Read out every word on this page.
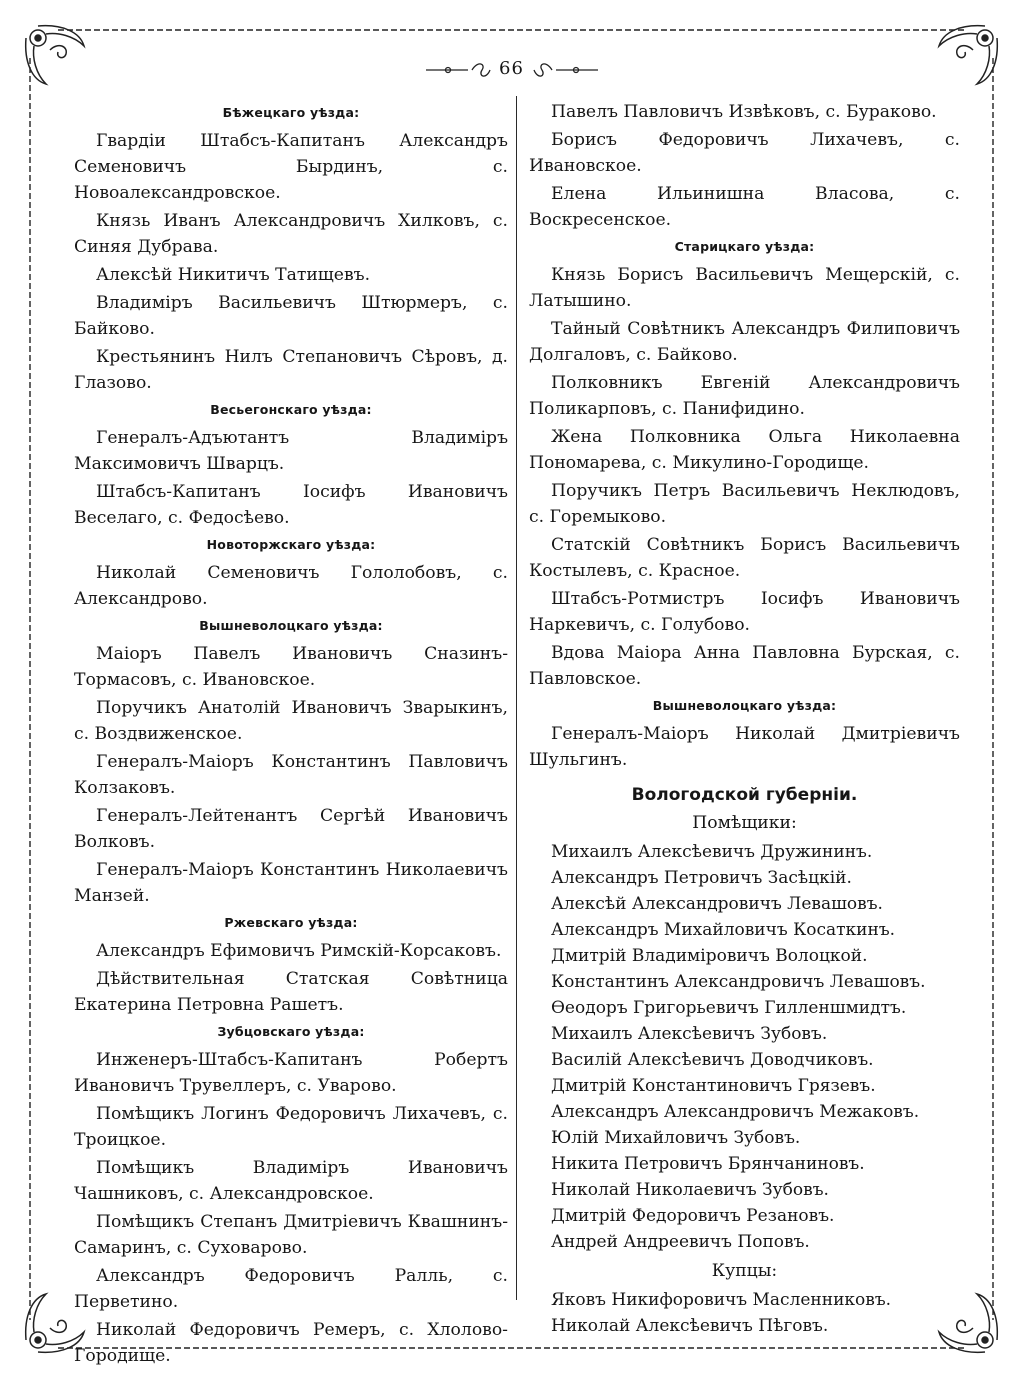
66
Бѣжецкаго уѣзда:

Гвардіи Штабсъ-Капитанъ Александръ Семеновичъ Бырдинъ, с. Новоалександровское.

Князь Иванъ Александровичъ Хилковъ, с. Синяя Дубрава.

Алексѣй Никитичъ Татищевъ.

Владиміръ Васильевичъ Штюрмеръ, с. Байково.

Крестьянинъ Нилъ Степановичъ Сѣровъ, д. Глазово.

Весьегонскаго уѣзда:

Генералъ-Адъютантъ Владиміръ Максимовичъ Шварцъ.

Штабсъ-Капитанъ Іосифъ Ивановичъ Веселаго, с. Федосѣево.

Новоторжскаго уѣзда:

Николай Семеновичъ Гололобовъ, с. Александрово.

Вышневолоцкаго уѣзда:

Маіоръ Павелъ Ивановичъ Сназинъ-Тормасовъ, с. Ивановское.

Поручикъ Анатолій Ивановичъ Зварыкинъ, с. Воздвиженское.

Генералъ-Маіоръ Константинъ Павловичъ Колзаковъ.

Генералъ-Лейтенантъ Сергѣй Ивановичъ Волковъ.

Генералъ-Маіоръ Константинъ Николаевичъ Манзей.

Ржевскаго уѣзда:

Александръ Ефимовичъ Римскій-Корсаковъ.

Дѣйствительная Статская Совѣтница Екатерина Петровна Рашетъ.

Зубцовскаго уѣзда:

Инженеръ-Штабсъ-Капитанъ Робертъ Ивановичъ Трувеллеръ, с. Уварово.

Помѣщикъ Логинъ Федоровичъ Лихачевъ, с. Троицкое.

Помѣщикъ Владиміръ Ивановичъ Чашниковъ, с. Александровское.

Помѣщикъ Степанъ Дмитріевичъ Квашнинъ-Самаринъ, с. Суховарово.

Александръ Федоровичъ Ралль, с. Перветино.

Николай Федоровичъ Ремеръ, с. Хлолово-Городище.

Павелъ Павловичъ Извѣковъ, с. Бураково.

Борисъ Федоровичъ Лихачевъ, с. Ивановское.

Елена Ильинишна Власова, с. Воскресенское.

Старицкаго уѣзда:

Князь Борисъ Васильевичъ Мещерскій, с. Латышино.

Тайный Совѣтникъ Александръ Филиповичъ Долгаловъ, с. Байково.

Полковникъ Евгеній Александровичъ Поликарповъ, с. Панифидино.

Жена Полковника Ольга Николаевна Пономарева, с. Микулино-Городище.

Поручикъ Петръ Васильевичъ Неклюдовъ, с. Горемыково.

Статскій Совѣтникъ Борисъ Васильевичъ Костылевъ, с. Красное.

Штабсъ-Ротмистръ Іосифъ Ивановичъ Наркевичъ, с. Голубово.

Вдова Маіора Анна Павловна Бурская, с. Павловское.

Вышневолоцкаго уѣзда:

Генералъ-Маіоръ Николай Дмитріевичъ Шульгинъ.

Вологодской губерніи.
Помѣщики:
Михаилъ Алексѣевичъ Дружининъ.
Александръ Петровичъ Засѣцкій.
Алексѣй Александровичъ Левашовъ.
Александръ Михайловичъ Косаткинъ.
Дмитрій Владиміровичъ Волоцкой.
Константинъ Александровичъ Левашовъ.
Ѳеодоръ Григорьевичъ Гилленшмидтъ.
Михаилъ Алексѣевичъ Зубовъ.
Василій Алексѣевичъ Доводчиковъ.
Дмитрій Константиновичъ Грязевъ.
Александръ Александровичъ Межаковъ.
Юлій Михайловичъ Зубовъ.
Никита Петровичъ Брянчаниновъ.
Николай Николаевичъ Зубовъ.
Дмитрій Федоровичъ Резановъ.
Андрей Андреевичъ Поповъ.
Купцы:
Яковъ Никифоровичъ Масленниковъ.
Николай Алексѣевичъ Пѣговъ.
